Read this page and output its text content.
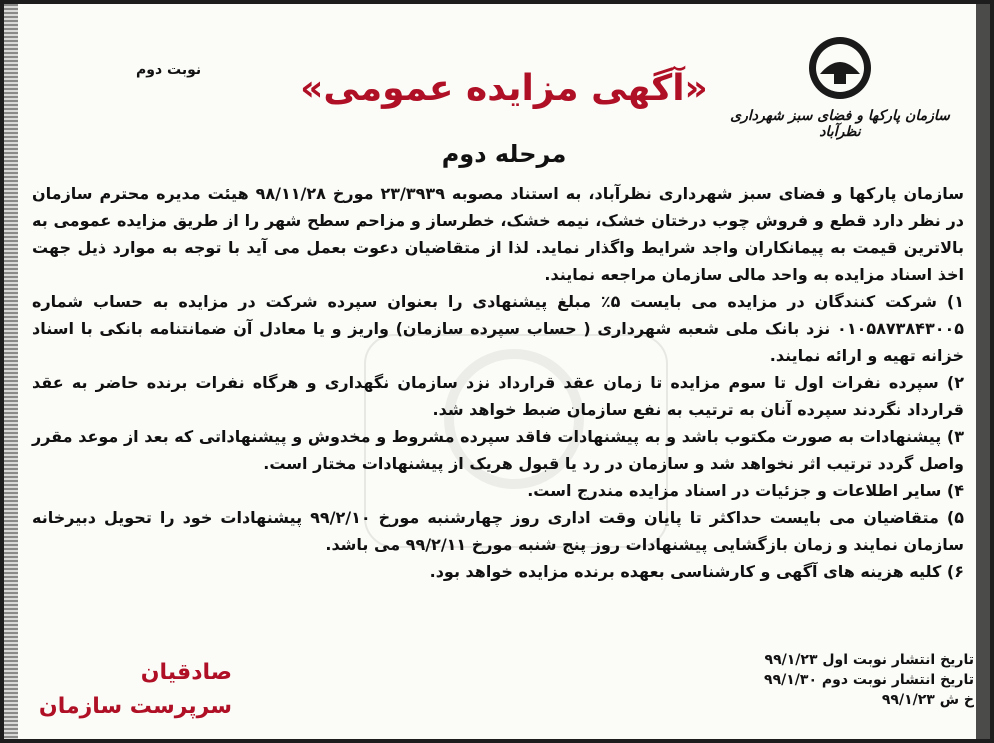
سازمان پارکها و فضای سبز شهرداری نظرآباد
نوبت دوم	«آگهی مزایده عمومی»
مرحله دوم

سازمان پارکها و فضای سبز شهرداری نظرآباد، به استناد مصوبه ۲۳/۳۹۳۹ مورخ ۹۸/۱۱/۲۸ هیئت مدیره محترم سازمان در نظر دارد قطع و فروش چوب درختان خشک، نیمه خشک، خطرساز و مزاحم سطح شهر را از طریق مزایده عمومی به بالاترین قیمت به پیمانکاران واجد شرایط واگذار نماید. لذا از متقاضیان دعوت بعمل می آید با توجه به موارد ذیل جهت اخذ اسناد مزایده به واحد مالی سازمان مراجعه نمایند.

۱) شرکت کنندگان در مزایده می بایست ۵٪ مبلغ پیشنهادی را بعنوان سپرده شرکت در مزایده به حساب شماره ۰۱۰۵۸۷۳۸۴۳۰۰۵ نزد بانک ملی شعبه شهرداری ( حساب سپرده سازمان) واریز و یا معادل آن ضمانتنامه بانکی با اسناد خزانه تهیه و ارائه نمایند.

۲) سپرده نفرات اول تا سوم مزایده تا زمان عقد قرارداد نزد سازمان نگهداری و هرگاه نفرات برنده حاضر به عقد قرارداد نگردند سپرده آنان به ترتیب به نفع سازمان ضبط خواهد شد.

۳) پیشنهادات به صورت مکتوب باشد و به پیشنهادات فاقد سپرده مشروط و مخدوش و پیشنهاداتی که بعد از موعد مقرر واصل گردد ترتیب اثر نخواهد شد و سازمان در رد یا قبول هریک از پیشنهادات مختار است.

۴) سایر اطلاعات و جزئیات در اسناد مزایده مندرج است.

۵) متقاضیان می بایست حداکثر تا پایان وقت اداری روز چهارشنبه مورخ ۹۹/۲/۱۰ پیشنهادات خود را تحویل دبیرخانه سازمان نمایند و زمان بازگشایی پیشنهادات روز پنج شنبه مورخ ۹۹/۲/۱۱ می باشد.

۶) کلیه هزینه های آگهی و کارشناسی بعهده برنده مزایده خواهد بود.

تاریخ انتشار نوبت اول ۹۹/۱/۲۳
تاریخ انتشار نوبت دوم ۹۹/۱/۳۰
خ ش ۹۹/۱/۲۳
صادقیان
سرپرست سازمان
